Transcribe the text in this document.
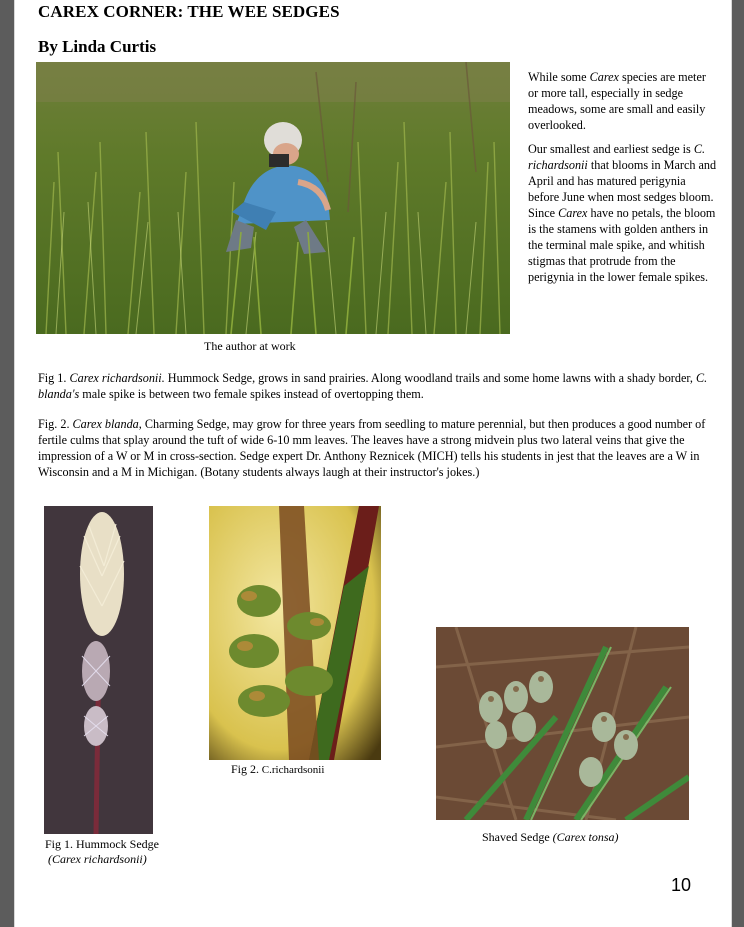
CAREX CORNER: THE WEE SEDGES
By Linda Curtis
The author at work

While some Carex species are meter or more tall, especially in sedge meadows, some are small and easily overlooked.

Our smallest and earliest sedge is C. richardsonii that blooms in March and April and has matured perigynia before June when most sedges bloom. Since Carex have no petals, the bloom is the stamens with golden anthers in the terminal male spike, and whitish stigmas that protrude from the perigynia in the lower female spikes.

Fig 1. Carex richardsonii. Hummock Sedge, grows in sand prairies. Along woodland trails and some home lawns with a shady border, C. blanda's male spike is between two female spikes instead of overtopping them.
Fig. 2. Carex blanda, Charming Sedge, may grow for three years from seedling to mature perennial, but then produces a good number of fertile culms that splay around the tuft of wide 6-10 mm leaves. The leaves have a strong midvein plus two lateral veins that give the impression of a W or M in cross-section. Sedge expert Dr. Anthony Reznicek (MICH) tells his students in jest that the leaves are a W in Wisconsin and a M in Michigan. (Botany students always laugh at their instructor's jokes.)
Fig 1. Hummock Sedge
(Carex richardsonii)
Fig 2. C.richardsonii
Shaved Sedge (Carex tonsa)
10
